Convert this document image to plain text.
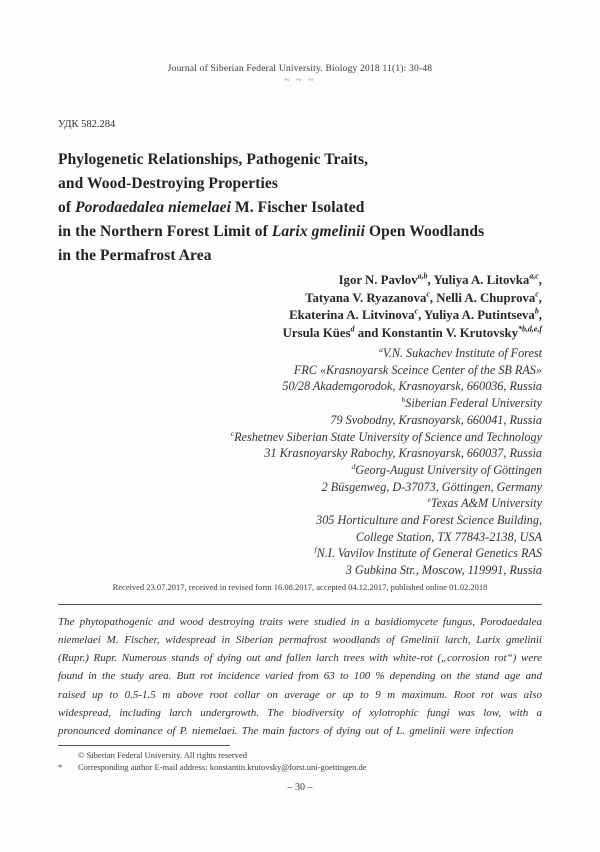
Journal of Siberian Federal University. Biology 2018 11(1): 30-48
~ ~ ~
УДК 582.284
Phylogenetic Relationships, Pathogenic Traits,
and Wood-Destroying Properties
of Porodaedalea niemelaei M. Fischer Isolated
in the Northern Forest Limit of Larix gmelinii Open Woodlands
in the Permafrost Area
Igor N. Pavlov$^{a,b}$, Yuliya A. Litovka$^{a,c}$,
Tatyana V. Ryazanova$^c$, Nelli A. Chuprova$^c$,
Ekaterina A. Litvinova$^c$, Yuliya A. Putintseva$^b$,
Ursula Kües$^d$ and Konstantin V. Krutovsky$^{*b,d,e,f}$
$^a$V.N. Sukachev Institute of Forest
FRC «Krasnoyarsk Sceince Center of the SB RAS»
50/28 Akademgorodok, Krasnoyarsk, 660036, Russia
$^b$Siberian Federal University
79 Svobodny, Krasnoyarsk, 660041, Russia
$^c$Reshetnev Siberian State University of Science and Technology
31 Krasnoyarsky Rabochy, Krasnoyarsk, 660037, Russia
$^d$Georg-August University of Göttingen
2 Büsgenweg, D-37073, Göttingen, Germany
$^e$Texas A&M University
305 Horticulture and Forest Science Building,
College Station, TX 77843-2138, USA
$^f$N.I. Vavilov Institute of General Genetics RAS
3 Gubkina Str., Moscow, 119991, Russia
Received 23.07.2017, received in revised form 16.08.2017, accepted 04.12.2017, published online 01.02.2018
The phytopathogenic and wood destroying traits were studied in a basidiomycete fungus, Porodaedalea niemelaei M. Fischer, widespread in Siberian permafrost woodlands of Gmelinii larch, Larix gmelinii (Rupr.) Rupr. Numerous stands of dying out and fallen larch trees with white-rot („corrosion rot“) were found in the study area. Butt rot incidence varied from 63 to 100 % depending on the stand age and raised up to 0.5-1.5 m above root collar on average or up to 9 m maximum. Root rot was also widespread, including larch undergrowth. The biodiversity of xylotrophic fungi was low, with a pronounced dominance of P. niemelaei. The main factors of dying out of L. gmelinii were infection
© Siberian Federal University. All rights reserved
*	Corresponding author E-mail address: konstantin.krutovsky@forst.uni-goettingen.de
– 30 –
